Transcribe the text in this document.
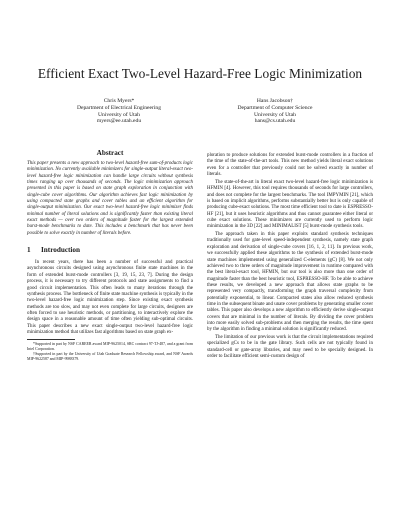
Efficient Exact Two-Level Hazard-Free Logic Minimization
Chris Myers*
Department of Electrical Engineering
University of Utah
myers@ee.utah.edu
Hans Jacobson†
Department of Computer Science
University of Utah
hans@cs.utah.edu
Abstract

This paper presents a new approach to two-level hazard-free sum-of-products logic minimization. No currently available minimizers for single-output literal-exact two-level hazard-free logic minimization can handle large circuits without synthesis times ranging up over thousands of seconds. The logic minimization approach presented in this paper is based on state graph exploration in conjunction with single-cube cover algorithms. Our algorithm achieves fast logic minimization by using compacted state graphs and cover tables and an efficient algorithm for single-output minimization. Our exact two-level hazard-free logic minimizer finds minimal number of literal solutions and is significantly faster than existing literal exact methods — over two orders of magnitude faster for the largest extended burst-mode benchmarks to date. This includes a benchmark that has never been possible to solve exactly in number of literals before.

1 Introduction

In recent years, there has been a number of successful and practical asynchronous circuits designed using asynchronous finite state machines in the form of extended burst-mode controllers [3, 19, 15, 23, 7]. During the design process, it is necessary to try different protocols and state assignments to find a good circuit implementation. This often leads to many iterations through the synthesis process. The bottleneck of finite state machine synthesis is typically in the two-level hazard-free logic minimization step. Since existing exact synthesis methods are too slow, and may not even complete for large circuits, designers are often forced to use heuristic methods, or partitioning, to interactively explore the design space in a reasonable amount of time often yielding sub-optimal circuits. This paper describes a new exact single-output two-level hazard-free logic minimization method that utilizes fast algorithms based on state graph ex-

*Supported in part by NSF CAREER award MIP-9625014, SRC contract 97-TJ-487, and a grant from Intel Corporation.

†Supported in part by the University of Utah Graduate Research Fellowship award, and NSF Awards MIP-9622587 and MIP-9988379.

ploration to produce solutions for extended burst-mode controllers in a fraction of the time of the state-of-the-art tools. This new method yields literal exact solutions even for a controller that previously could not be solved exactly in number of literals.

The state-of-the-art in literal exact two-level hazard-free logic minimization is HFMIN [4]. However, this tool requires thousands of seconds for large controllers, and does not complete for the largest benchmarks. The tool IMPYMIN [21], which is based on implicit algorithms, performs substantially better but is only capable of producing cube-exact solutions. The most time efficient tool to date is ESPRESSO-HF [21], but it uses heuristic algorithms and thus cannot guarantee either literal or cube exact solutions. These minimizers are currently used to perform logic minimization in the 3D [22] and MINIMALIST [5] burst-mode synthesis tools.

The approach taken in this paper exploits standard synthesis techniques traditionally used for gate-level speed-independent synthesis, namely state graph exploration and derivation of single-cube covers [16, 1, 2, 11]. In previous work, we successfully applied these algorithms to the synthesis of extended burst-mode state machines implemented using generalized C-elements (gC) [8]. We not only achieved two to three orders of magnitude improvement in runtime compared with the best literal-exact tool, HFMIN, but our tool is also more than one order of magnitude faster than the best heuristic tool, ESPRESSO-HF. To be able to achieve these results, we developed a new approach that allows state graphs to be represented very compactly, transforming the graph traversal complexity from potentially exponential, to linear. Compacted states also allow reduced synthesis time in the subsequent binate and unate cover problems by generating smaller cover tables. This paper also develops a new algorithm to efficiently derive single-output covers that are minimal in the number of literals. By dividing the cover problem into more easily solved sub-problems and then merging the results, the time spent by the algorithm in finding a minimal solution is significantly reduced.

The limitation of our previous work is that the circuit implementations required specialized gCs to be in the gate library. Such cells are not typically found in standard-cell or gate-array libraries, and may need to be specially designed. In order to facilitate efficient semi-custom design of
